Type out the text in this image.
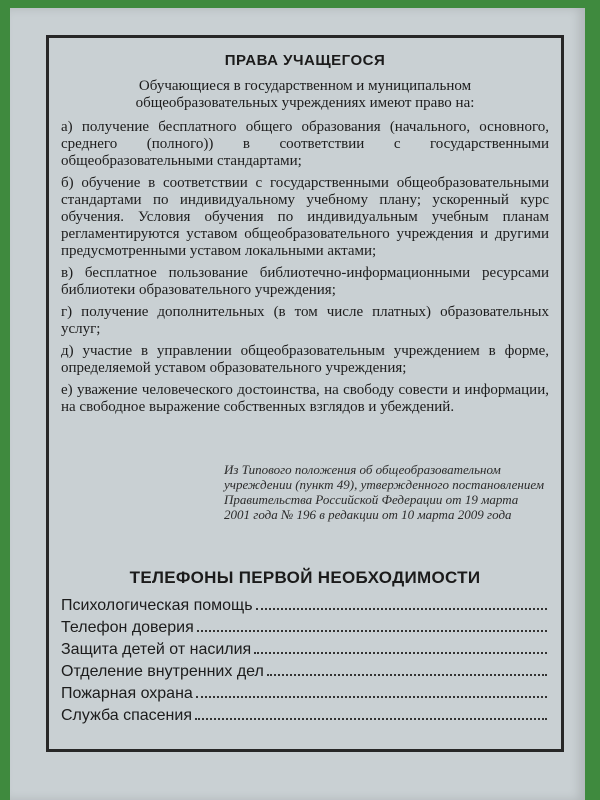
ПРАВА УЧАЩЕГОСЯ
Обучающиеся в государственном и муниципальном
общеобразовательных учреждениях имеют право на:

а) получение бесплатного общего образования (начального, основного, среднего (полного)) в соответствии с государственными общеобразовательными стандартами;

б) обучение в соответствии с государственными общеобразовательными стандартами по индивидуальному учебному плану; ускоренный курс обучения. Условия обучения по индивидуальным учебным планам регламентируются уставом общеобразовательного учреждения и другими предусмотренными уставом локальными актами;

в) бесплатное пользование библиотечно-информационными ресурсами библиотеки образовательного учреждения;

г) получение дополнительных (в том числе платных) образовательных услуг;

д) участие в управлении общеобразовательным учреждением в форме, определяемой уставом образовательного учреждения;

е) уважение человеческого достоинства, на свободу совести и информации, на свободное выражение собственных взглядов и убеждений.

Из Типового положения об общеобразовательном учреждении (пункт 49), утвержденного постановлением Правительства Российской Федерации от 19 марта 2001 года № 196 в редакции от 10 марта 2009 года
ТЕЛЕФОНЫ ПЕРВОЙ НЕОБХОДИМОСТИ
Психологическая помощь
Телефон доверия
Защита детей от насилия
Отделение внутренних дел
Пожарная охрана
Служба спасения
